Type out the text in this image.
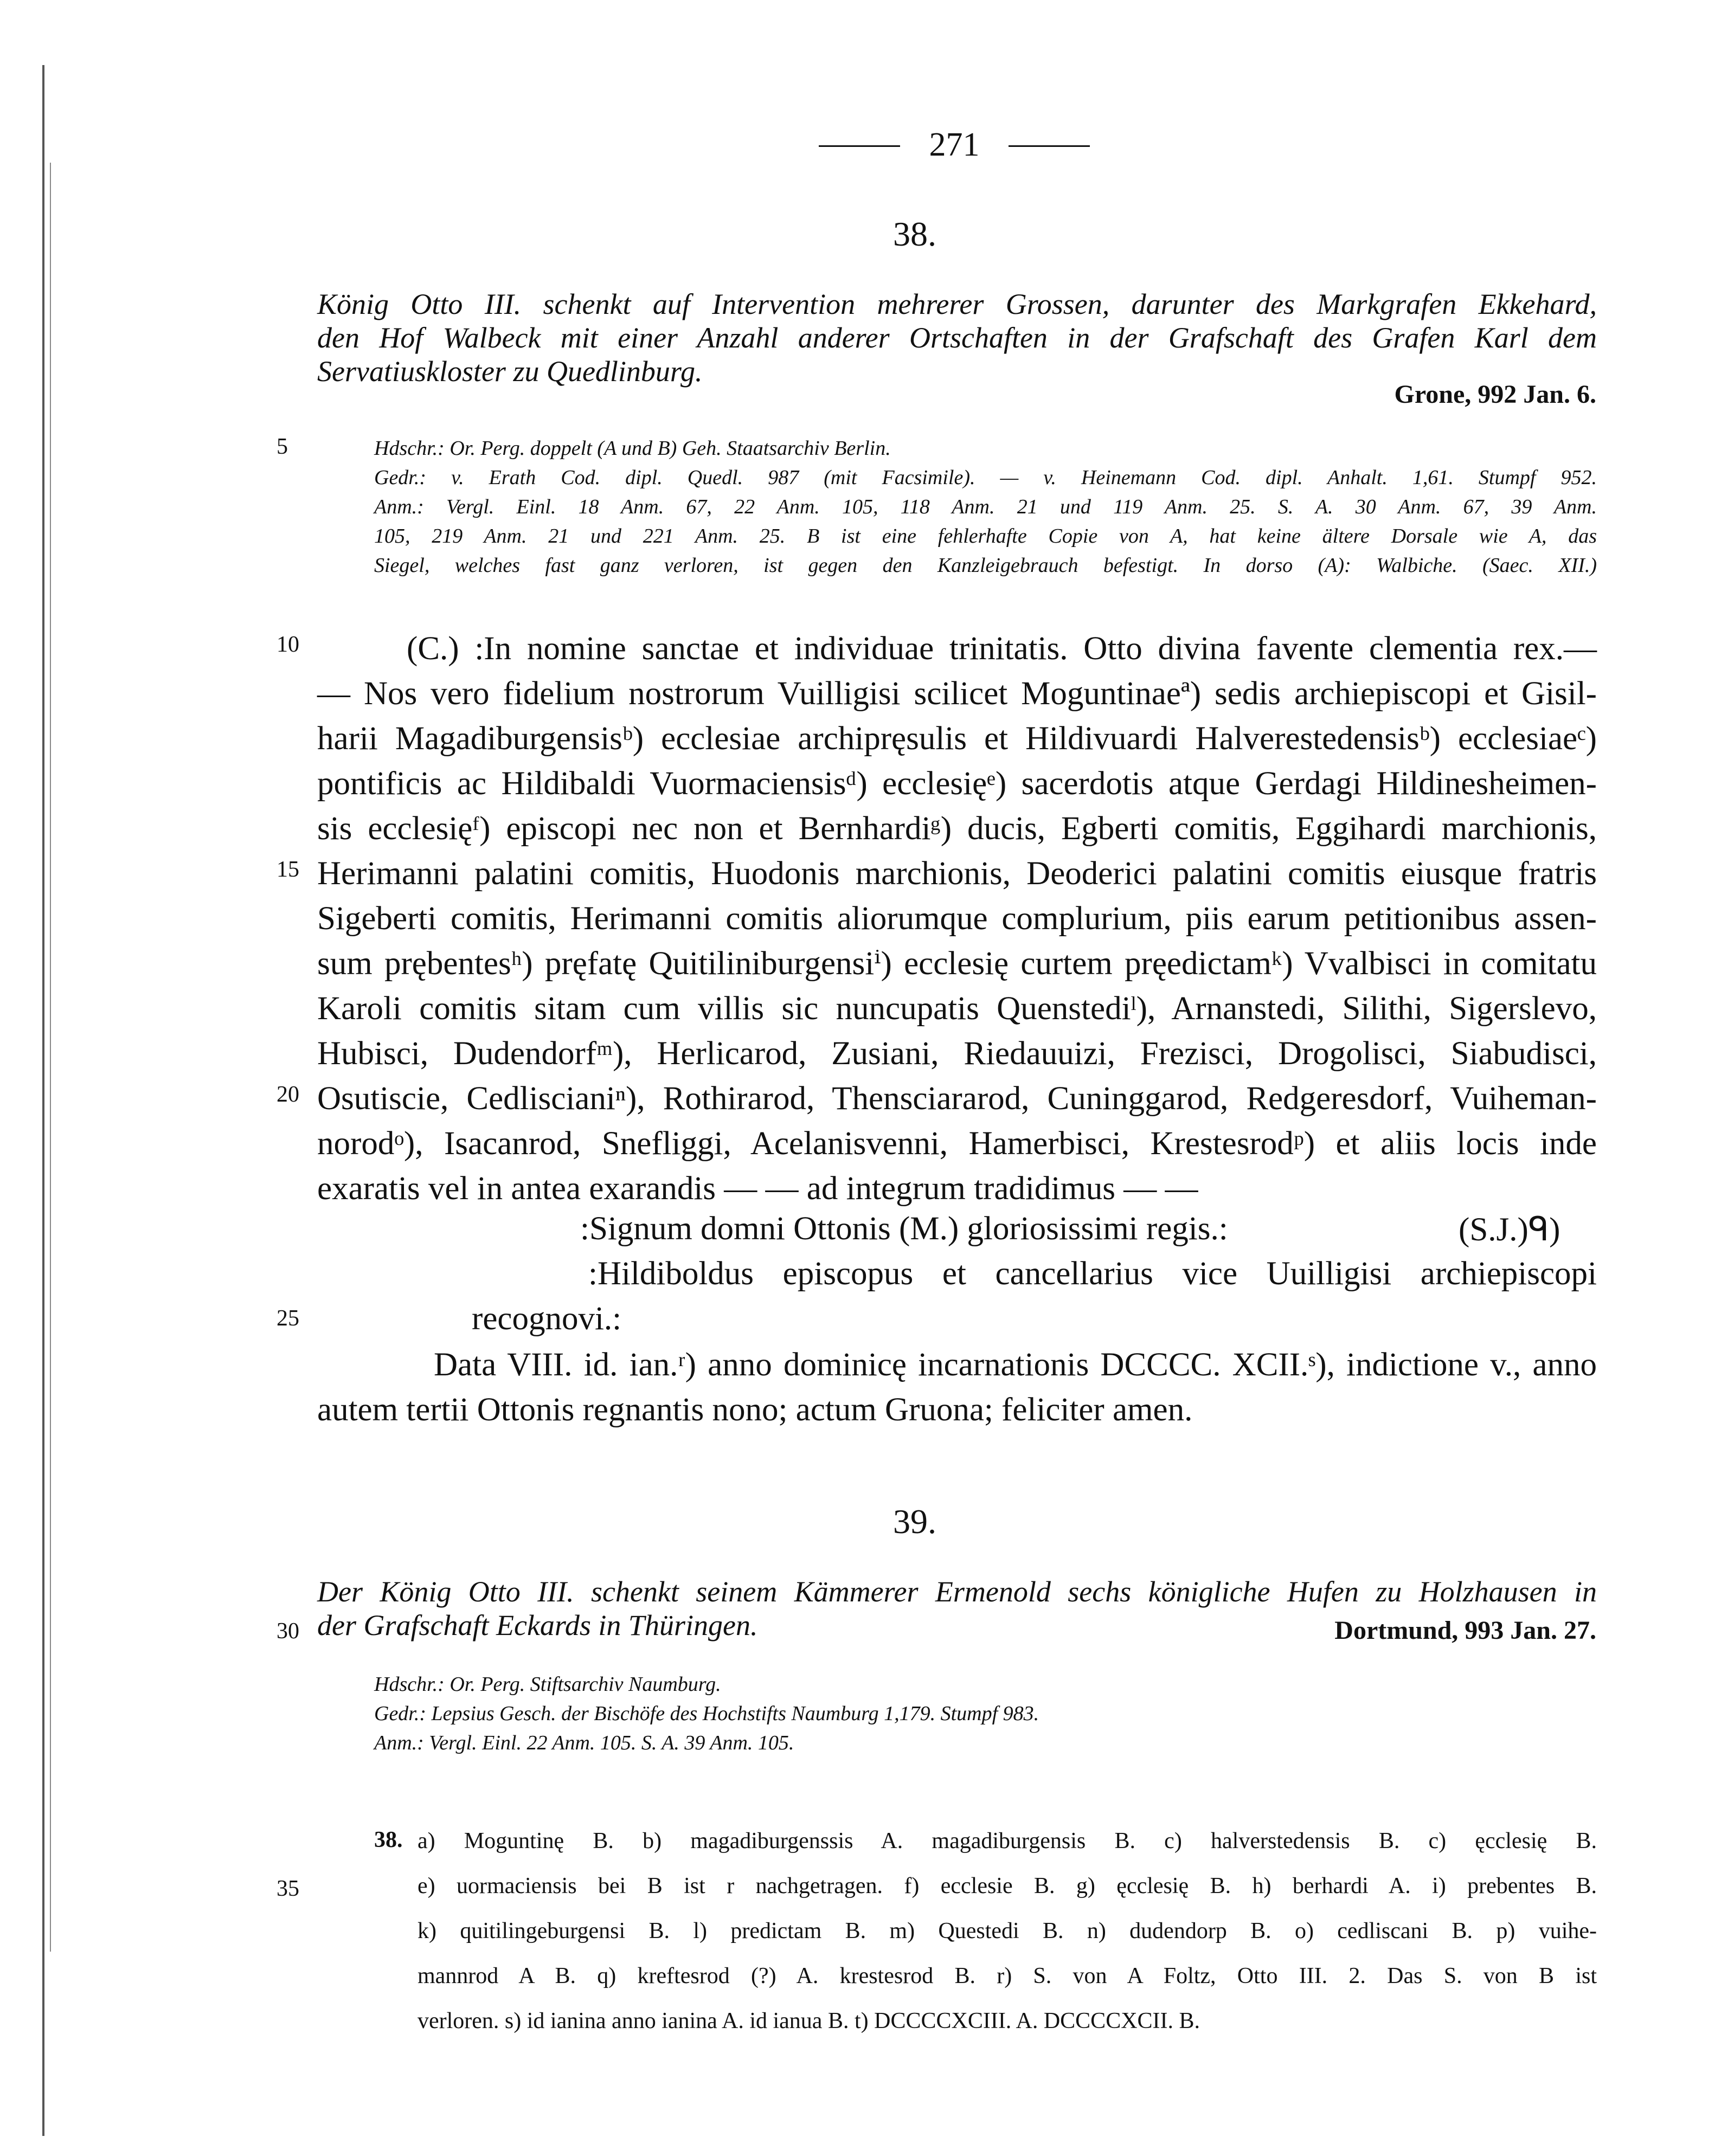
271
38.
König Otto III. schenkt auf Intervention mehrerer Grossen, darunter des Markgrafen Ekkehard,
den Hof Walbeck mit einer Anzahl anderer Ortschaften in der Grafschaft des Grafen Karl dem
Servatiuskloster zu Quedlinburg.
Grone, 992 Jan. 6.
5	Hdschr.: Or. Perg. doppelt (A und B) Geh. Staatsarchiv Berlin.
Gedr.: v. Erath Cod. dipl. Quedl. 987 (mit Facsimile). — v. Heinemann Cod. dipl. Anhalt. 1,61. Stumpf 952.
Anm.: Vergl. Einl. 18 Anm. 67, 22 Anm. 105, 118 Anm. 21 und 119 Anm. 25. S. A. 30 Anm. 67, 39 Anm.
105, 219 Anm. 21 und 221 Anm. 25. B ist eine fehlerhafte Copie von A, hat keine ältere Dorsale wie A, das
Siegel, welches fast ganz verloren, ist gegen den Kanzleigebrauch befestigt. In dorso (A): Walbiche. (Saec. XII.)
10
15
20
(C.) :In nomine sanctae et individuae trinitatis. Otto divina favente clementia rex.—
— Nos vero fidelium nostrorum Vuilligisi scilicet Moguntinaeª) sedis archiepiscopi et Gisil-
harii Magadiburgensisᵇ) ecclesiae archipręsulis et Hildivuardi Halverestedensisᵇ) ecclesiaeᶜ)
pontificis ac Hildibaldi Vuormaciensisᵈ) ecclesięᵉ) sacerdotis atque Gerdagi Hildinesheimen-
sis ecclesięᶠ) episcopi nec non et Bernhardiᵍ) ducis, Egberti comitis, Eggihardi marchionis,
Herimanni palatini comitis, Huodonis marchionis, Deoderici palatini comitis eiusque fratris
Sigeberti comitis, Herimanni comitis aliorumque complurium, piis earum petitionibus assen-
sum prębentesʰ) pręfatę Quitiliniburgensiⁱ) ecclesię curtem pręedictamᵏ) Vvalbisci in comitatu
Karoli comitis sitam cum villis sic nuncupatis Quenstediˡ), Arnanstedi, Silithi, Sigerslevo,
Hubisci, Dudendorfᵐ), Herlicarod, Zusiani, Riedauuizi, Frezisci, Drogolisci, Siabudisci,
Osutiscie, Cedliscianiⁿ), Rothirarod, Thensciararod, Cuninggarod, Redgeresdorf, Vuiheman-
norodᵒ), Isacanrod, Snefliggi, Acelanisvenni, Hamerbisci, Krestesrodᵖ) et aliis locis inde
exaratis vel in antea exarandis — — ad integrum tradidimus — —
:Signum domni Ottonis (M.) gloriosissimi regis.:	(S.J.)ᑫ)
:Hildiboldus episcopus et cancellarius vice Uuilligisi archiepiscopi
25	recognovi.:
Data VIII. id. ian.ʳ) anno dominicę incarnationis DCCCC. XCII.ˢ), indictione v., anno
autem tertii Ottonis regnantis nono; actum Gruona; feliciter amen.
39.
Der König Otto III. schenkt seinem Kämmerer Ermenold sechs königliche Hufen zu Holzhausen in
der Grafschaft Eckards in Thüringen.
30	Dortmund, 993 Jan. 27.
Hdschr.: Or. Perg. Stiftsarchiv Naumburg.
Gedr.: Lepsius Gesch. der Bischöfe des Hochstifts Naumburg 1,179. Stumpf 983.
Anm.: Vergl. Einl. 22 Anm. 105. S. A. 39 Anm. 105.
38.
35
a) Moguntinę B. b) magadiburgenssis A. magadiburgensis B. c) halverstedensis B. c) ęcclesię B.
e) uormaciensis bei B ist r nachgetragen. f) ecclesie B. g) ęcclesię B. h) berhardi A. i) prebentes B.
k) quitilingeburgensi B. l) predictam B. m) Questedi B. n) dudendorp B. o) cedliscani B. p) vuihe-
mannrod A B. q) kreftesrod (?) A. krestesrod B. r) S. von A Foltz, Otto III. 2. Das S. von B ist
verloren. s) id ianina anno ianina A. id ianua B. t) DCCCCXCIII. A. DCCCCXCII. B.
